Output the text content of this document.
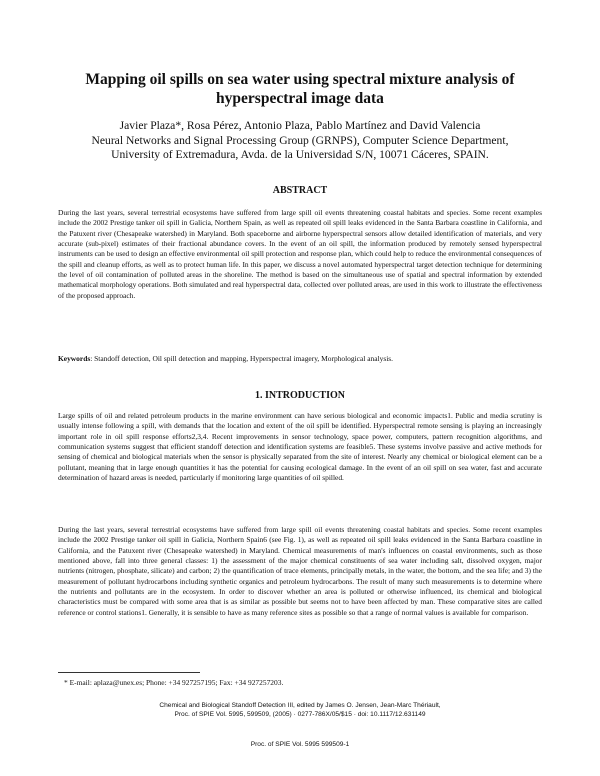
Mapping oil spills on sea water using spectral mixture analysis of
hyperspectral image data

Javier Plaza*, Rosa Pérez, Antonio Plaza, Pablo Martínez and David Valencia

Neural Networks and Signal Processing Group (GRNPS), Computer Science Department,

University of Extremadura, Avda. de la Universidad S/N, 10071 Cáceres, SPAIN.

ABSTRACT

During the last years, several terrestrial ecosystems have suffered from large spill oil events threatening coastal habitats and species. Some recent examples include the 2002 Prestige tanker oil spill in Galicia, Northern Spain, as well as repeated oil spill leaks evidenced in the Santa Barbara coastline in California, and the Patuxent river (Chesapeake watershed) in Maryland. Both spaceborne and airborne hyperspectral sensors allow detailed identification of materials, and very accurate (sub-pixel) estimates of their fractional abundance covers. In the event of an oil spill, the information produced by remotely sensed hyperspectral instruments can be used to design an effective environmental oil spill protection and response plan, which could help to reduce the environmental consequences of the spill and cleanup efforts, as well as to protect human life. In this paper, we discuss a novel automated hyperspectral target detection technique for determining the level of oil contamination of polluted areas in the shoreline. The method is based on the simultaneous use of spatial and spectral information by extended mathematical morphology operations. Both simulated and real hyperspectral data, collected over polluted areas, are used in this work to illustrate the effectiveness of the proposed approach.

Keywords: Standoff detection, Oil spill detection and mapping, Hyperspectral imagery, Morphological analysis.
1. INTRODUCTION

Large spills of oil and related petroleum products in the marine environment can have serious biological and economic impacts1. Public and media scrutiny is usually intense following a spill, with demands that the location and extent of the oil spill be identified. Hyperspectral remote sensing is playing an increasingly important role in oil spill response efforts2,3,4. Recent improvements in sensor technology, space power, computers, pattern recognition algorithms, and communication systems suggest that efficient standoff detection and identification systems are feasible5. These systems involve passive and active methods for sensing of chemical and biological materials when the sensor is physically separated from the site of interest. Nearly any chemical or biological element can be a pollutant, meaning that in large enough quantities it has the potential for causing ecological damage. In the event of an oil spill on sea water, fast and accurate determination of hazard areas is needed, particularly if monitoring large quantities of oil spilled.

During the last years, several terrestrial ecosystems have suffered from large spill oil events threatening coastal habitats and species. Some recent examples include the 2002 Prestige tanker oil spill in Galicia, Northern Spain6 (see Fig. 1), as well as repeated oil spill leaks evidenced in the Santa Barbara coastline in California, and the Patuxent river (Chesapeake watershed) in Maryland. Chemical measurements of man's influences on coastal environments, such as those mentioned above, fall into three general classes: 1) the assessment of the major chemical constituents of sea water including salt, dissolved oxygen, major nutrients (nitrogen, phosphate, silicate) and carbon; 2) the quantification of trace elements, principally metals, in the water, the bottom, and the sea life; and 3) the measurement of pollutant hydrocarbons including synthetic organics and petroleum hydrocarbons. The result of many such measurements is to determine where the nutrients and pollutants are in the ecosystem. In order to discover whether an area is polluted or otherwise influenced, its chemical and biological characteristics must be compared with some area that is as similar as possible but seems not to have been affected by man. These comparative sites are called reference or control stations1. Generally, it is sensible to have as many reference sites as possible so that a range of normal values is available for comparison.

* E-mail: aplaza@unex.es; Phone: +34 927257195; Fax: +34 927257203.
Chemical and Biological Standoff Detection III, edited by James O. Jensen, Jean-Marc Thériault,
Proc. of SPIE Vol. 5995, 599509, (2005) · 0277-786X/05/$15 · doi: 10.1117/12.631149
Proc. of SPIE Vol. 5995 599509-1
